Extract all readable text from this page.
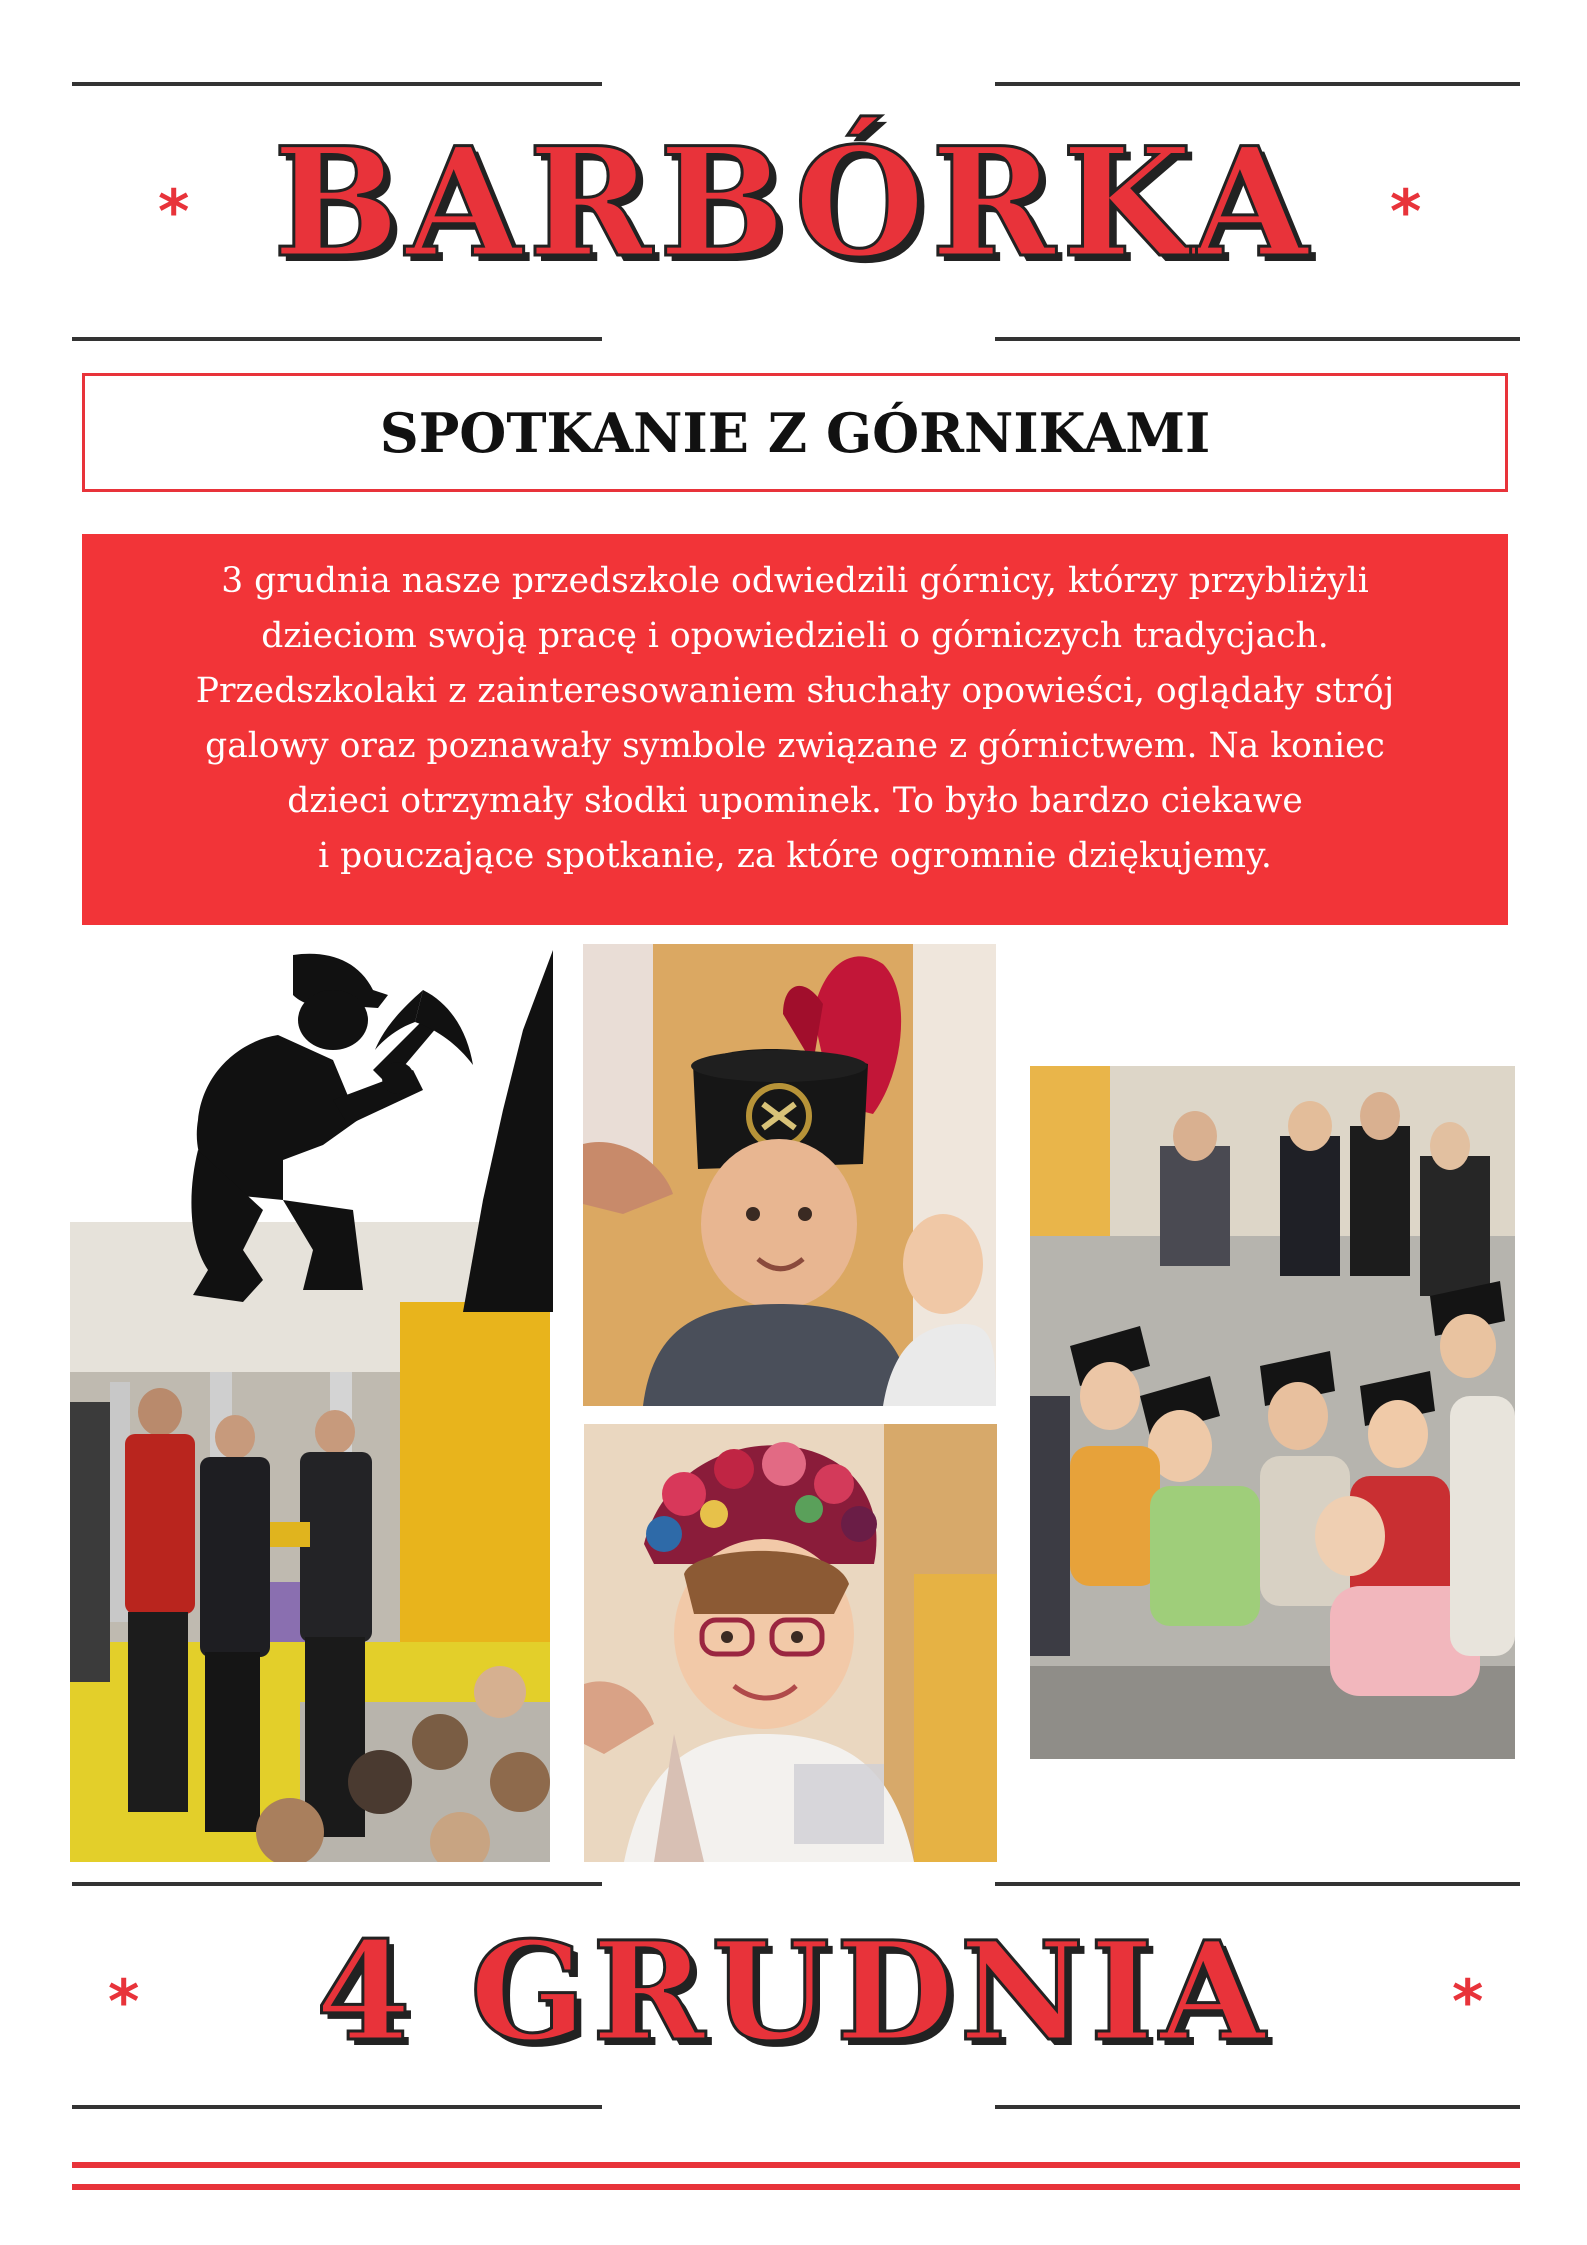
*	*
BARBÓRKA
SPOTKANIE Z GÓRNIKAMI
3 grudnia nasze przedszkole odwiedzili górnicy, którzy przybliżyli
dzieciom swoją pracę i opowiedzieli o górniczych tradycjach.
Przedszkolaki z zainteresowaniem słuchały opowieści, oglądały strój
galowy oraz poznawały symbole związane z górnictwem. Na koniec
dzieci otrzymały słodki upominek. To było bardzo ciekawe
i pouczające spotkanie, za które ogromnie dziękujemy.
*	*
4 GRUDNIA
